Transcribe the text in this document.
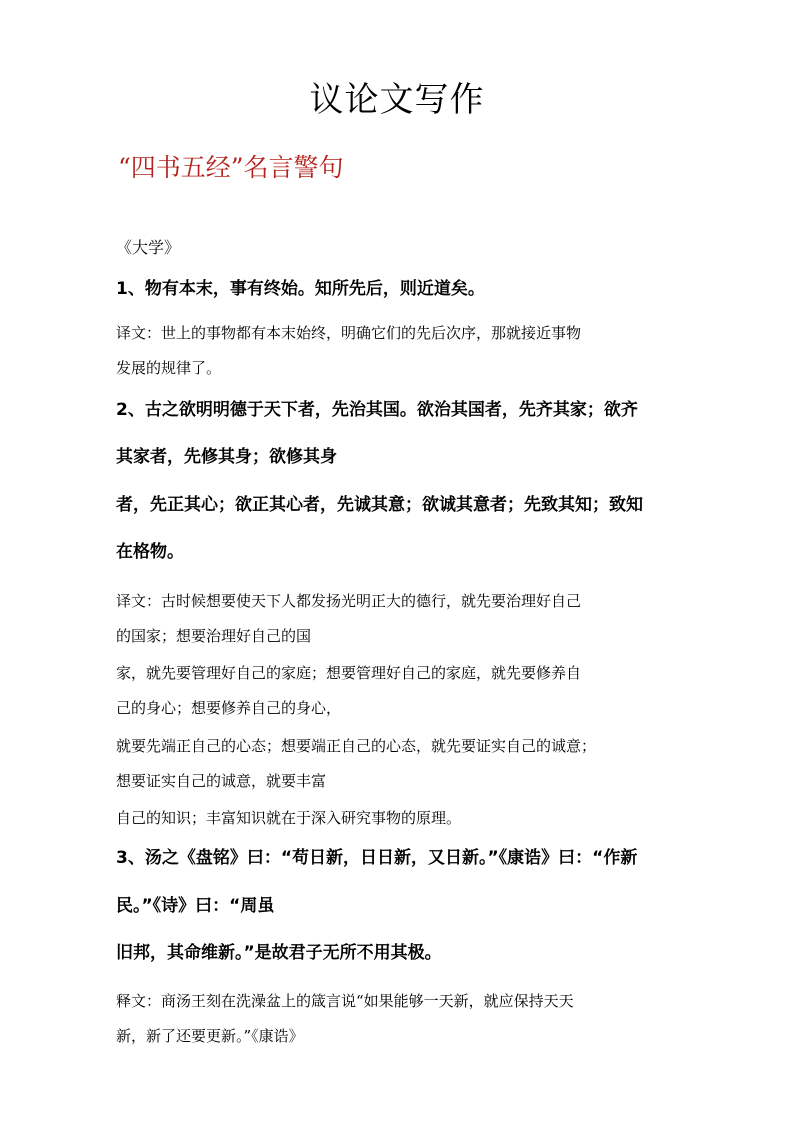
议论文写作
“四书五经”名言警句
《大学》
1、物有本末，事有终始。知所先后，则近道矣。
译文：世上的事物都有本末始终，明确它们的先后次序，那就接近事物
发展的规律了。
2、古之欲明明德于天下者，先治其国。欲治其国者，先齐其家；欲齐
其家者，先修其身；欲修其身
者，先正其心；欲正其心者，先诚其意；欲诚其意者；先致其知；致知
在格物。
译文：古时候想要使天下人都发扬光明正大的德行，就先要治理好自己
的国家；想要治理好自己的国
家，就先要管理好自己的家庭；想要管理好自己的家庭，就先要修养自
己的身心；想要修养自己的身心，
就要先端正自己的心态；想要端正自己的心态，就先要证实自己的诚意；
想要证实自己的诚意，就要丰富
自己的知识；丰富知识就在于深入研究事物的原理。
3、汤之《盘铭》曰：“苟日新，日日新，又日新。”《康诰》曰：“作新
民。”《诗》曰：“周虽
旧邦，其命维新。”是故君子无所不用其极。
释文：商汤王刻在洗澡盆上的箴言说“如果能够一天新，就应保持天天
新，新了还要更新。”《康诰》
